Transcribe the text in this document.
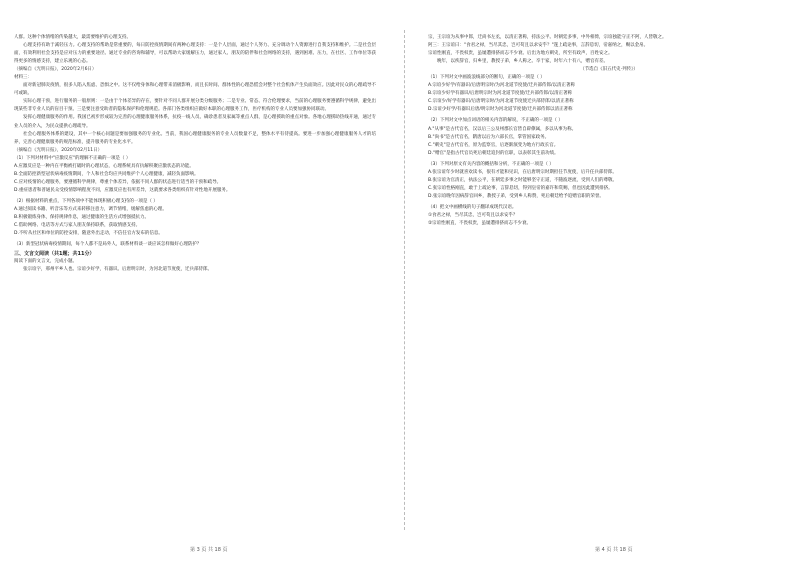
人群。这种个体情绪的传染越大，最需要维护的心理支持。

心理支持有助于减轻压力。心理支持的帮助是常重要的，每日防控疫情期间有两种心理支持：一是个人层面，通过个人努力、充分调动个人资源进行自我支持和维护。二是社会层面，有效利用社会支持是应对压力的重要途径。通过专业的咨询和辅导，可以帮助大家缓解压力，通过家人、朋友的陪伴和社会网络的支持，遇到困难、压力，在社区、工作单位等获得更多的情感支持，建立乐观的心态。

（摘编自《光明日报》，2020年2月6日）

材料三：

面对新冠肺炎疫情，很多人陷入焦虑、恐惧之中。这不仅给身体和心理带来消极影响，而且长时间、群体性的心理恐慌会对整个社会机体产生负面效应。因此对民众的心理疏导不可或缺。

实际心理干预，进行服务的一般原则：一是由于个体差异的存在，要针对不同人群开展分类分级服务；二是专业、常态、符合伦理要求，当前的心理服务要遵循科学规律，避免出现某些非专业人员的盲目干预。三是要注意受助者的隐私保护和伦理规范。各部门各类组织应做好本职的心理服务工作，医疗机构的专业人员要加强协同联动。

发挥心理健康服务的作用。我国已初步形成较为完善的心理健康服务体系，抗疫一线人员、确诊患者及家属等重点人群，是心理援助的重点对象。各地心理援助热线开通，通过专业人员的介入，为民众提供心理疏导。

社会心理服务体系的建设，其中一个核心问题是要加强服务的专业化。当前，我国心理健康服务的专业人员数量不足，整体水平有待提高。要进一步加强心理健康服务人才的培养，完善心理健康服务的规范标准，提升服务的专业化水平。

（摘编自《光明日报》，2020年02月11日）

（1）下列对材料中"应激反应"的理解不正确的一项是（ ）

A.应激反应是一种内在平衡被打破时的心理状态，心理系统具有抗解积聚应激状态的功能。

B.全面防控新型冠状病毒疫情期间，个人和社会均应共同维护个人心理健康，减轻负面影响。

C.应对疫情的心理服务，要遵循科学规律，尊重个体差异，依据不同人群的状态进行适当的干预和疏导。

D.重症患者和普通民众受疫情影响程度不同，应激反应也有所差异，这就要求各类组织有针对性地开展服务。

（2）根据材料的重点，下列各项中不能体现积极心理支持的一项是（ ）

A.通过阅读书籍、听音乐等方式来转移注意力，调节情绪，缓解焦虑的心理。

B.积极锻炼身体，保持规律作息，通过健康的生活方式增强抵抗力。

C.借助网络、电话等方式与家人朋友保持联系，获取情感支持。

D.不听从社区和单位的防控安排，随意外出走动，不信任官方发布的信息。

（3）新型冠状病毒疫情期间，每个人都不是局外人，联系材料谈一谈应该怎样做好心理防护？

三、文言文阅读（共1题；共11分）

阅读下面的文言文，完成小题。

张宗谊字，邢州平乡人也。宗谊少好学，有器识。后唐明宗时，为河北道节度使，迁兵部侍郎。

宗，王宗谊为从事中郎，迁尚书左丞，以清正著称，持法公平。时朝廷多事，中外相倚，宗谊独能守正不阿，人皆敬之。

阿三：王宗谊曰："食君之禄，当尽其忠，岂可苟且以求安乎？"遂上疏论事，言辞恳切，帝嘉纳之，赐以金帛。

宗谊性刚直，不畏权贵，虽屡遭排挤而志不少衰。后出为地方刺史，所至有政声，百姓安之。

晚年，以疾辞官，归乡里，教授子弟，乡人称之。卒于家，时年六十有八，赠官有差。

（节选自《旧五代史·列传》）

（1）下列对文中画波浪线部分的断句，正确的一项是（ ）

A.宗谊少好学/有器识/后唐明宗时/为河北道节度使/迁兵部侍郎/以清正著称

B.宗谊少好学有器识/后唐明宗时为河北道节度使/迁兵部侍郎/以清正著称

C.宗谊少/好学有器识/后唐明宗时/为河北道节度使迁兵部侍郎/以清正著称

D.宗谊少好学/有器识后唐/明宗时为河北道节度使/迁兵部侍郎以清正著称

（2）下列对文中加点词语的相关内容的解说，不正确的一项是（ ）

A."从事"是古代官名，汉以后三公及州郡长官皆自辟僚属，多以从事为称。

B."尚书"是古代官名，隋唐以后为六部长官，掌管国家政务。

C."刺史"是古代官名，原为监察官，后逐渐演变为地方行政长官。

D."赠官"是指古代官员死后朝廷追封的官职，以表彰其生前功绩。

（3）下列对原文有关内容的概括和分析，不正确的一项是（ ）

A.张宗谊年少时就喜欢读书，很有才能和见识，在后唐明宗时期担任节度使，后升任兵部侍郎。

B.张宗谊为官清正，执法公平，在朝廷多事之时能够坚守正道，不随波逐流，受到人们的尊敬。

C.张宗谊性格刚直，敢于上疏论事，言辞恳切，得到皇帝的嘉许和赏赐，但也因此遭到排挤。

D.张宗谊晚年因病辞官回乡，教授子弟，受到乡人称赞，死后朝廷给予追赠官职的荣誉。

（4）把文中画横线的句子翻译成现代汉语。

①食君之禄，当尽其忠，岂可苟且以求安乎？

②宗谊性刚直，不畏权贵，虽屡遭排挤而志不少衰。

第 3 页 共 18 页	第 4 页 共 18 页
